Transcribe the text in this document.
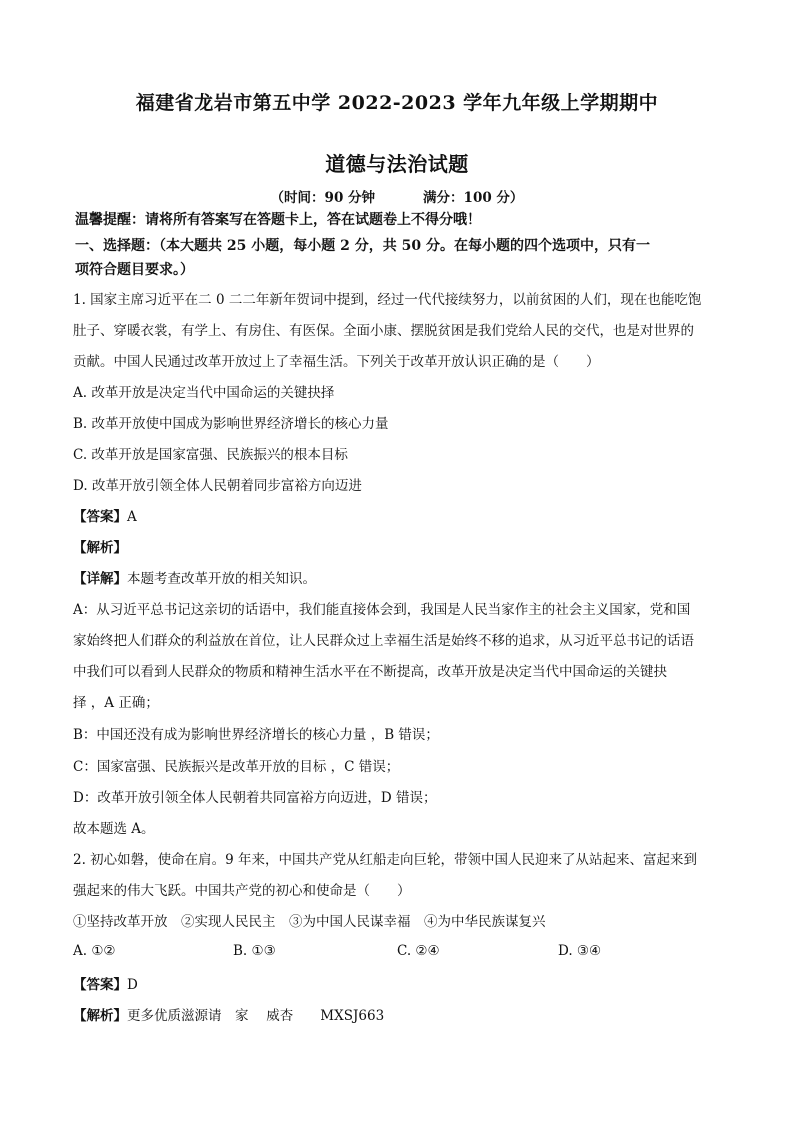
福建省龙岩市第五中学 2022-2023 学年九年级上学期期中
道德与法治试题
（时间：90 分钟	满分：100 分）
温馨提醒：请将所有答案写在答题卡上，答在试题卷上不得分哦！
一、选择题：（本大题共 25 小题，每小题 2 分，共 50 分。在每小题的四个选项中，只有一
项符合题目要求。）
1. 国家主席习近平在二 0 二二年新年贺词中提到，经过一代代接续努力，以前贫困的人们，现在也能吃饱
肚子、穿暖衣裳，有学上、有房住、有医保。全面小康、摆脱贫困是我们党给人民的交代，也是对世界的
贡献。中国人民通过改革开放过上了幸福生活。下列关于改革开放认识正确的是（　　）
A. 改革开放是决定当代中国命运的关键抉择
B. 改革开放使中国成为影响世界经济增长的核心力量
C. 改革开放是国家富强、民族振兴的根本目标
D. 改革开放引领全体人民朝着同步富裕方向迈进
【答案】A
【解析】
【详解】本题考查改革开放的相关知识。
A：从习近平总书记这亲切的话语中，我们能直接体会到，我国是人民当家作主的社会主义国家，党和国
家始终把人们群众的利益放在首位，让人民群众过上幸福生活是始终不移的追求，从习近平总书记的话语
中我们可以看到人民群众的物质和精神生活水平在不断提高，改革开放是决定当代中国命运的关键抉
择 ，A 正确；
B：中国还没有成为影响世界经济增长的核心力量 ，B 错误；
C：国家富强、民族振兴是改革开放的目标 ，C 错误；
D：改革开放引领全体人民朝着共同富裕方向迈进，D 错误；
故本题选 A。
2. 初心如磐，使命在肩。9 年来，中国共产党从红船走向巨轮，带领中国人民迎来了从站起来、富起来到
强起来的伟大飞跃。中国共产党的初心和使命是（　　）
①坚持改革开放　②实现人民民主　③为中国人民谋幸福　④为中华民族谋复兴
A. ①②	B. ①③	C. ②④	D. ③④
【答案】D
【解析】更多优质滋源请　家　 威杏　　MXSJ663
